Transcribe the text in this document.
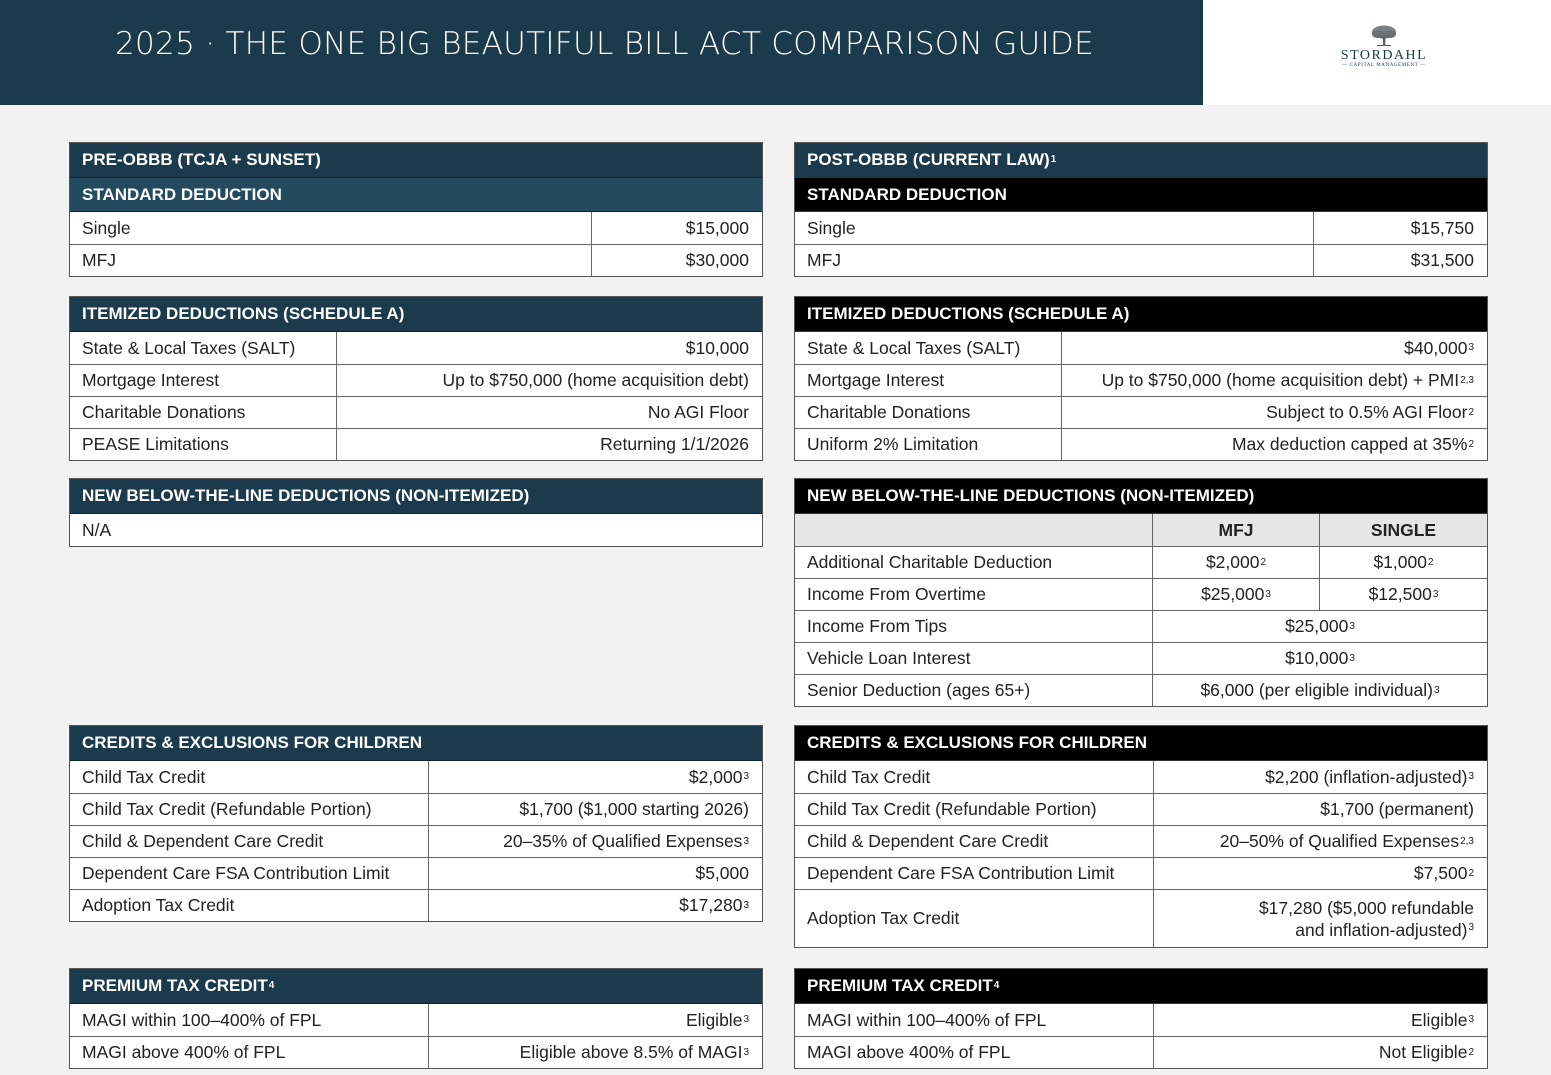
2025 · THE ONE BIG BEAUTIFUL BILL ACT COMPARISON GUIDE	STORDAHL
— CAPITAL MANAGEMENT —
PRE-OBBB (TCJA + SUNSET)
STANDARD DEDUCTION
Single	$15,000
MFJ	$30,000
POST-OBBB (CURRENT LAW) 1
STANDARD DEDUCTION
Single	$15,750
MFJ	$31,500
ITEMIZED DEDUCTIONS (SCHEDULE A)
State & Local Taxes (SALT)	$10,000
Mortgage Interest	Up to $750,000 (home acquisition debt)
Charitable Donations	No AGI Floor
PEASE Limitations	Returning 1/1/2026
ITEMIZED DEDUCTIONS (SCHEDULE A)
State & Local Taxes (SALT)	$40,000 3
Mortgage Interest	Up to $750,000 (home acquisition debt) + PMI 2,3
Charitable Donations	Subject to 0.5% AGI Floor 2
Uniform 2% Limitation	Max deduction capped at 35% 2
NEW BELOW-THE-LINE DEDUCTIONS (NON-ITEMIZED)
N/A
NEW BELOW-THE-LINE DEDUCTIONS (NON-ITEMIZED)
MFJ	SINGLE
Additional Charitable Deduction	$2,000 2	$1,000 2
Income From Overtime	$25,000 3	$12,500 3
Income From Tips	$25,000 3
Vehicle Loan Interest	$10,000 3
Senior Deduction (ages 65+)	$6,000 (per eligible individual) 3
CREDITS & EXCLUSIONS FOR CHILDREN
Child Tax Credit	$2,000 3
Child Tax Credit (Refundable Portion)	$1,700 ($1,000 starting 2026)
Child & Dependent Care Credit	20–35% of Qualified Expenses 3
Dependent Care FSA Contribution Limit	$5,000
Adoption Tax Credit	$17,280 3
CREDITS & EXCLUSIONS FOR CHILDREN
Child Tax Credit	$2,200 (inflation-adjusted) 3
Child Tax Credit (Refundable Portion)	$1,700 (permanent)
Child & Dependent Care Credit	20–50% of Qualified Expenses 2,3
Dependent Care FSA Contribution Limit	$7,500 2
Adoption Tax Credit
$17,280 ($5,000 refundable
and inflation-adjusted)$^3$
PREMIUM TAX CREDIT 4
MAGI within 100–400% of FPL	Eligible 3
MAGI above 400% of FPL	Eligible above 8.5% of MAGI 3
PREMIUM TAX CREDIT 4
MAGI within 100–400% of FPL	Eligible 3
MAGI above 400% of FPL	Not Eligible 2
